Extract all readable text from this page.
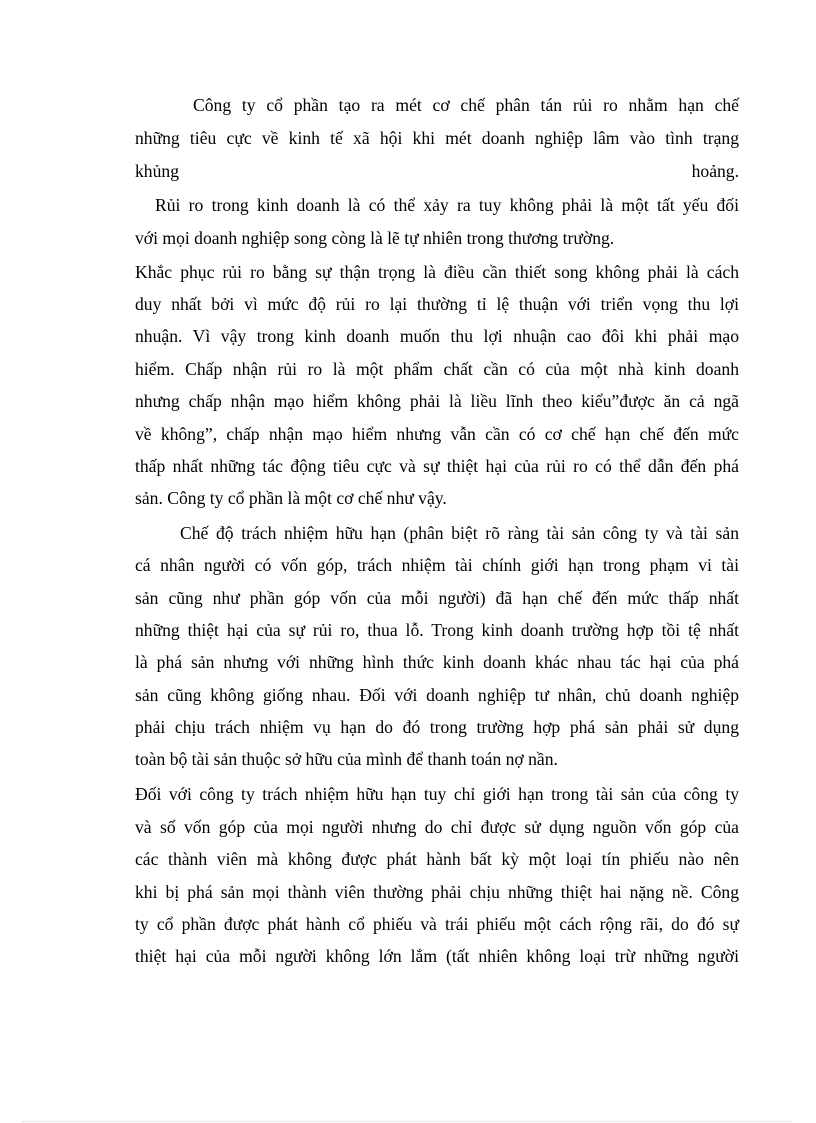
Công ty cổ phần tạo ra mét cơ chế phân tán rủi ro nhằm hạn chế
những tiêu cực về kinh tế xã hội khi mét doanh nghiệp lâm vào tình trạng
khủng hoảng.
Rủi ro trong kinh doanh là có thể xảy ra tuy không phải là một tất yếu đối
với mọi doanh nghiệp song còng là lẽ tự nhiên trong thương trường.
Khắc phục rủi ro bằng sự thận trọng là điều cần thiết song không phải là cách
duy nhất bởi vì mức độ rủi ro lại thường tỉ lệ thuận với triển vọng thu lợi
nhuận. Vì vậy trong kinh doanh muốn thu lợi nhuận cao đôi khi phải mạo
hiểm. Chấp nhận rủi ro là một phẩm chất cần có của một nhà kinh doanh
nhưng chấp nhận mạo hiểm không phải là liều lĩnh theo kiểu”được ăn cả ngã
về không”, chấp nhận mạo hiểm nhưng vẫn cần có cơ chế hạn chế đến mức
thấp nhất những tác động tiêu cực và sự thiệt hại của rủi ro có thể dẫn đến phá
sản. Công ty cổ phần là một cơ chế như vậy.
Chế độ trách nhiệm hữu hạn (phân biệt rõ ràng tài sản công ty và tài sản
cá nhân người có vốn góp, trách nhiệm tài chính giới hạn trong phạm vi tài
sản cũng như phần góp vốn của mỗi người) đã hạn chế đến mức thấp nhất
những thiệt hại của sự rủi ro, thua lỗ. Trong kinh doanh trường hợp tồi tệ nhất
là phá sản nhưng với những hình thức kinh doanh khác nhau tác hại của phá
sản cũng không giống nhau. Đối với doanh nghiệp tư nhân, chủ doanh nghiệp
phải chịu trách nhiệm vụ hạn do đó trong trường hợp phá sản phải sử dụng
toàn bộ tài sản thuộc sở hữu của mình để thanh toán nợ nần.
Đối với công ty trách nhiệm hữu hạn tuy chỉ giới hạn trong tài sản của công ty
và số vốn góp của mọi người nhưng do chỉ được sử dụng nguồn vốn góp của
các thành viên mà không được phát hành bất kỳ một loại tín phiếu nào nên
khi bị phá sản mọi thành viên thường phải chịu những thiệt hai nặng nề. Công
ty cổ phần được phát hành cổ phiếu và trái phiếu một cách rộng rãi, do đó sự
thiệt hại của mỗi người không lớn lắm (tất nhiên không loại trừ những người
